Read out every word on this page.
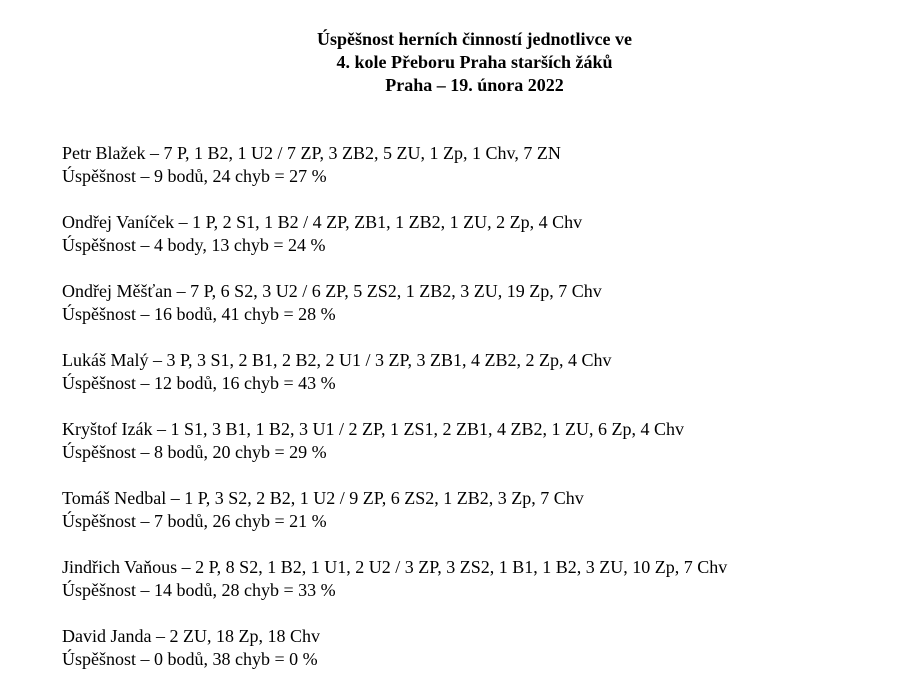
Úspěšnost herních činností jednotlivce ve
4. kole Přeboru Praha starších žáků
Praha – 19. února 2022
Petr Blažek – 7 P, 1 B2, 1 U2 / 7 ZP, 3 ZB2, 5 ZU, 1 Zp, 1 Chv, 7 ZN
Úspěšnost – 9 bodů, 24 chyb = 27 %
Ondřej Vaníček – 1 P, 2 S1, 1 B2 / 4 ZP, ZB1, 1 ZB2, 1 ZU, 2 Zp, 4 Chv
Úspěšnost – 4 body, 13 chyb = 24 %
Ondřej Měšťan – 7 P, 6 S2, 3 U2 / 6 ZP, 5 ZS2, 1 ZB2, 3 ZU, 19 Zp, 7 Chv
Úspěšnost – 16 bodů, 41 chyb = 28 %
Lukáš Malý – 3 P, 3 S1, 2 B1, 2 B2, 2 U1 / 3 ZP, 3 ZB1, 4 ZB2, 2 Zp, 4 Chv
Úspěšnost – 12 bodů, 16 chyb = 43 %
Kryštof Izák – 1 S1, 3 B1, 1 B2, 3 U1 / 2 ZP, 1 ZS1, 2 ZB1, 4 ZB2, 1 ZU, 6 Zp, 4 Chv
Úspěšnost – 8 bodů, 20 chyb = 29 %
Tomáš Nedbal – 1 P, 3 S2, 2 B2, 1 U2 / 9 ZP, 6 ZS2, 1 ZB2, 3 Zp, 7 Chv
Úspěšnost – 7 bodů, 26 chyb = 21 %
Jindřich Vaňous – 2 P, 8 S2, 1 B2, 1 U1, 2 U2 / 3 ZP, 3 ZS2, 1 B1, 1 B2, 3 ZU, 10 Zp, 7 Chv
Úspěšnost – 14 bodů, 28 chyb = 33 %
David Janda – 2 ZU, 18 Zp, 18 Chv
Úspěšnost – 0 bodů, 38 chyb = 0 %
